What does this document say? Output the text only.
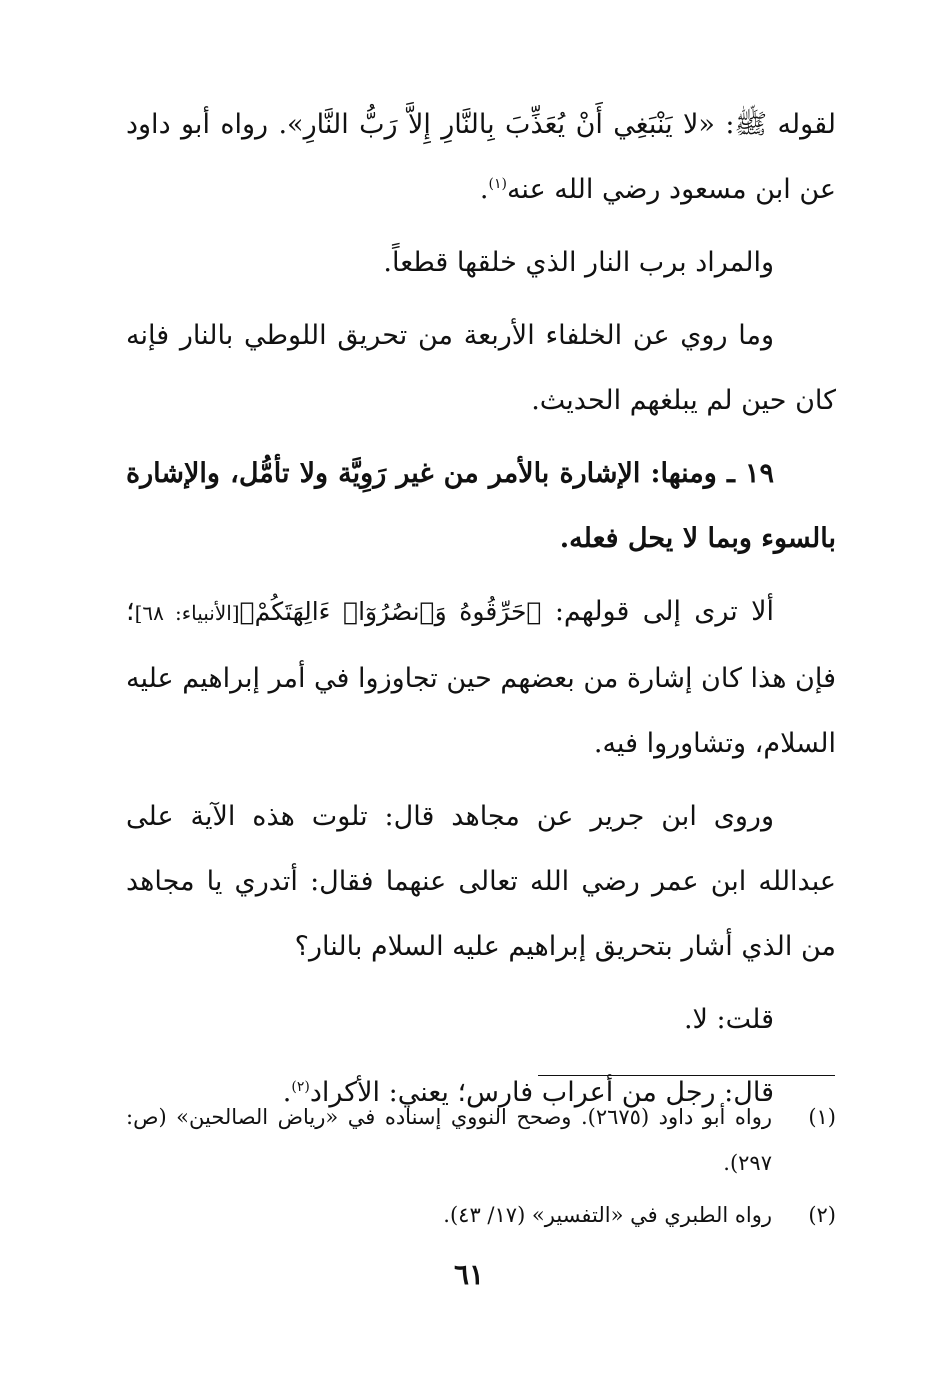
لقوله ﷺ: «لا يَنْبَغِي أَنْ يُعَذِّبَ بِالنَّارِ إِلاَّ رَبُّ النَّارِ». رواه أبو داود عن ابن مسعود رضي الله عنه$^{(١)}$.

والمراد برب النار الذي خلقها قطعاً.

وما روي عن الخلفاء الأربعة من تحريق اللوطي بالنار فإنه كان حين لم يبلغهم الحديث.

١٩ ـ ومنها: الإشارة بالأمر من غير رَوِيَّة ولا تأمُّل، والإشارة بالسوء وبما لا يحل فعله.

ألا ترى إلى قولهم: ﴿حَرِّقُوهُ وَٱنصُرُوٓا۟ ءَالِهَتَكُمْ﴾[الأنبياء: ٦٨]؛ فإن هذا كان إشارة من بعضهم حين تجاوزوا في أمر إبراهيم عليه السلام، وتشاوروا فيه.

وروى ابن جرير عن مجاهد قال: تلوت هذه الآية على عبدالله ابن عمر رضي الله تعالى عنهما فقال: أتدري يا مجاهد من الذي أشار بتحريق إبراهيم عليه السلام بالنار؟

قلت: لا.

قال: رجل من أعراب فارس؛ يعني: الأكراد$^{(٢)}$.

(١)
رواه أبو داود (٢٦٧٥). وصحح النووي إسناده في «رياض الصالحين» (ص: ٢٩٧).
(٢)
رواه الطبري في «التفسير» (١٧/ ٤٣).
٦١
